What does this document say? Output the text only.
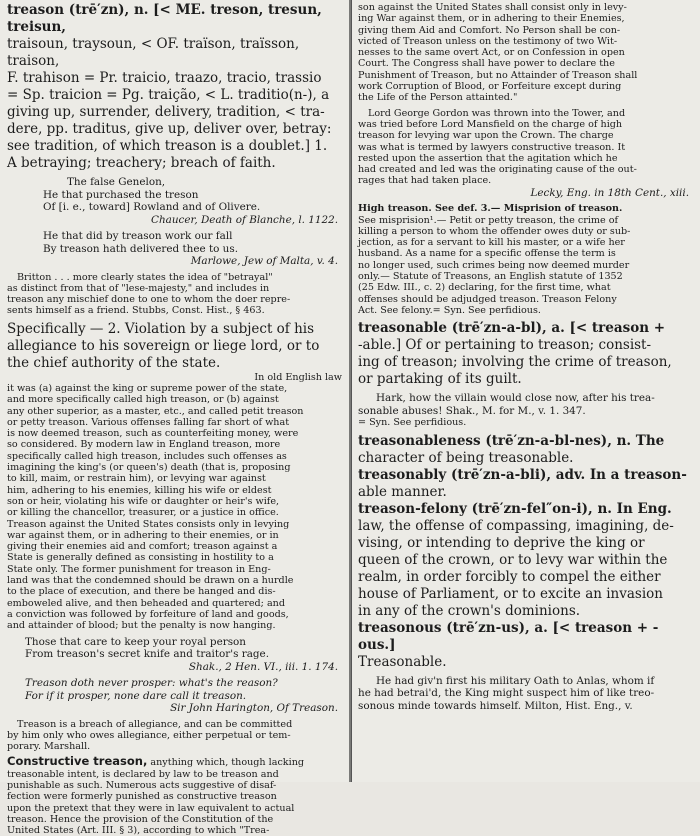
treason (trē′zn), n. [< ME. treson, tresun, treisun,

traisoun, traysoun, < OF. traïson, traïsson, traison,

F. trahison = Pr. traicio, traazo, tracio, trassio

= Sp. traicion = Pg. traição, < L. traditio(n-), a

giving up, surrender, delivery, tradition, < tra-

dere, pp. traditus, give up, deliver over, betray:

see tradition, of which treason is a doublet.] 1.

A betraying; treachery; breach of faith.

The false Genelon,

He that purchased the treson

Of [i. e., toward] Rowland and of Olivere.

Chaucer, Death of Blanche, l. 1122.

He that did by treason work our fall

By treason hath delivered thee to us.

Marlowe, Jew of Malta, v. 4.

Britton . . . more clearly states the idea of "betrayal"

as distinct from that of "lese-majesty," and includes in

treason any mischief done to one to whom the doer repre-

sents himself as a friend. Stubbs, Const. Hist., § 463.

Specifically — 2. Violation by a subject of his

allegiance to his sovereign or liege lord, or to

the chief authority of the state.

In old English law

it was (a) against the king or supreme power of the state,

and more specifically called high treason, or (b) against

any other superior, as a master, etc., and called petit treason

or petty treason. Various offenses falling far short of what

is now deemed treason, such as counterfeiting money, were

so considered. By modern law in England treason, more

specifically called high treason, includes such offenses as

imagining the king's (or queen's) death (that is, proposing

to kill, maim, or restrain him), or levying war against

him, adhering to his enemies, killing his wife or eldest

son or heir, violating his wife or daughter or heir's wife,

or killing the chancellor, treasurer, or a justice in office.

Treason against the United States consists only in levying

war against them, or in adhering to their enemies, or in

giving their enemies aid and comfort; treason against a

State is generally defined as consisting in hostility to a

State only. The former punishment for treason in Eng-

land was that the condemned should be drawn on a hurdle

to the place of execution, and there be hanged and dis-

emboweled alive, and then beheaded and quartered; and

a conviction was followed by forfeiture of land and goods,

and attainder of blood; but the penalty is now hanging.

Those that care to keep your royal person

From treason's secret knife and traitor's rage.

Shak., 2 Hen. VI., iii. 1. 174.

Treason doth never prosper: what's the reason?

For if it prosper, none dare call it treason.

Sir John Harington, Of Treason.

Treason is a breach of allegiance, and can be committed

by him only who owes allegiance, either perpetual or tem-

porary. Marshall.

Constructive treason, anything which, though lacking

treasonable intent, is declared by law to be treason and

punishable as such. Numerous acts suggestive of disaf-

fection were formerly punished as constructive treason

upon the pretext that they were in law equivalent to actual

treason. Hence the provision of the Constitution of the

United States (Art. III. § 3), according to which "Trea-

son against the United States shall consist only in levy-

ing War against them, or in adhering to their Enemies,

giving them Aid and Comfort. No Person shall be con-

victed of Treason unless on the testimony of two Wit-

nesses to the same overt Act, or on Confession in open

Court. The Congress shall have power to declare the

Punishment of Treason, but no Attainder of Treason shall

work Corruption of Blood, or Forfeiture except during

the Life of the Person attainted."

Lord George Gordon was thrown into the Tower, and

was tried before Lord Mansfield on the charge of high

treason for levying war upon the Crown. The charge

was what is termed by lawyers constructive treason. It

rested upon the assertion that the agitation which he

had created and led was the originating cause of the out-

rages that had taken place.

Lecky, Eng. in 18th Cent., xiii.

High treason. See def. 3.— Misprision of treason.

See misprision¹.— Petit or petty treason, the crime of

killing a person to whom the offender owes duty or sub-

jection, as for a servant to kill his master, or a wife her

husband. As a name for a specific offense the term is

no longer used, such crimes being now deemed murder

only.— Statute of Treasons, an English statute of 1352

(25 Edw. III., c. 2) declaring, for the first time, what

offenses should be adjudged treason. Treason Felony

Act. See felony.= Syn. See perfidious.

treasonable (trē′zn-a-bl), a. [< treason +

-able.] Of or pertaining to treason; consist-

ing of treason; involving the crime of treason,

or partaking of its guilt.

Hark, how the villain would close now, after his trea-

sonable abuses! Shak., M. for M., v. 1. 347.

= Syn. See perfidious.

treasonableness (trē′zn-a-bl-nes), n. The

character of being treasonable.

treasonably (trē′zn-a-bli), adv. In a treason-

able manner.

treason-felony (trē′zn-fel″on-i), n. In Eng.

law, the offense of compassing, imagining, de-

vising, or intending to deprive the king or

queen of the crown, or to levy war within the

realm, in order forcibly to compel the either

house of Parliament, or to excite an invasion

in any of the crown's dominions.

treasonous (trē′zn-us), a. [< treason + -ous.]

Treasonable.

He had giv'n first his military Oath to Anlas, whom if

he had betrai'd, the King might suspect him of like treo-

sonous minde towards himself. Milton, Hist. Eng., v.
